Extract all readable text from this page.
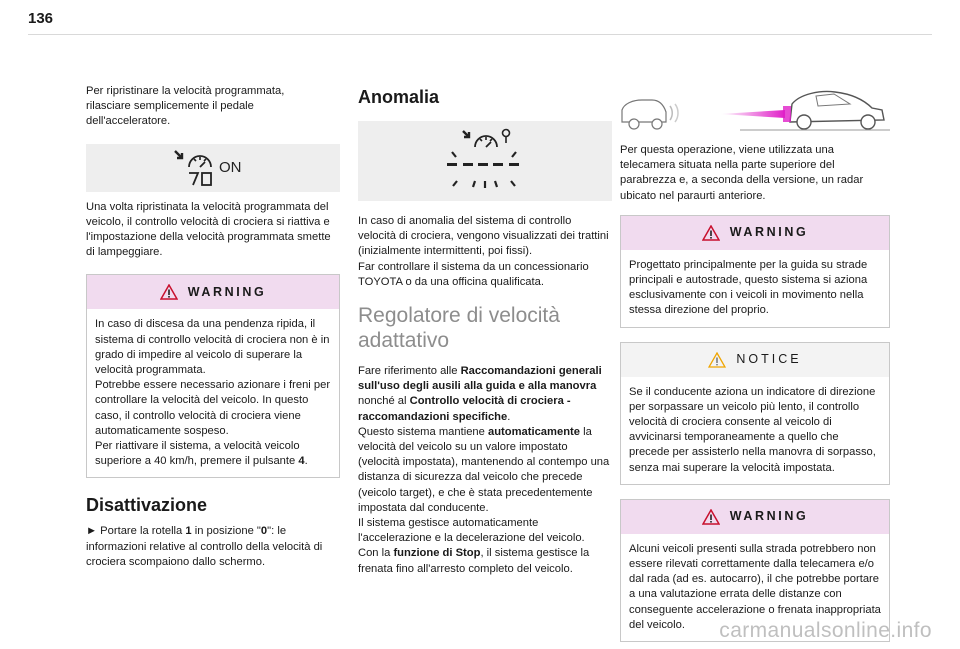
136

Per ripristinare la velocità programmata, rilasciare semplicemente il pedale dell'acceleratore.

ON

Una volta ripristinata la velocità programmata del veicolo, il controllo velocità di crociera si riattiva e l'impostazione della velocità programmata smette di lampeggiare.

WARNING

In caso di discesa da una pendenza ripida, il sistema di controllo velocità di crociera non è in grado di impedire al veicolo di superare la velocità programmata.

Potrebbe essere necessario azionare i freni per controllare la velocità del veicolo. In questo caso, il controllo velocità di crociera viene automaticamente sospeso.

Per riattivare il sistema, a velocità veicolo superiore a 40 km/h, premere il pulsante 4.

Disattivazione

► Portare la rotella 1 in posizione "0": le informazioni relative al controllo della velocità di crociera scompaiono dallo schermo.

Anomalia

In caso di anomalia del sistema di controllo velocità di crociera, vengono visualizzati dei trattini (inizialmente intermittenti, poi fissi).

Far controllare il sistema da un concessionario TOYOTA o da una officina qualificata.

Regolatore di velocità
adattativo

Fare riferimento alle Raccomandazioni generali sull'uso degli ausili alla guida e alla manovra nonché al Controllo velocità di crociera - raccomandazioni specifiche.

Questo sistema mantiene automaticamente la velocità del veicolo su un valore impostato (velocità impostata), mantenendo al contempo una distanza di sicurezza dal veicolo che precede (veicolo target), e che è stata precedentemente impostata dal conducente.

Il sistema gestisce automaticamente l'accelerazione e la decelerazione del veicolo.

Con la funzione di Stop, il sistema gestisce la frenata fino all'arresto completo del veicolo.

Per questa operazione, viene utilizzata una telecamera situata nella parte superiore del parabrezza e, a seconda della versione, un radar ubicato nel paraurti anteriore.

WARNING

Progettato principalmente per la guida su strade principali e autostrade, questo sistema si aziona esclusivamente con i veicoli in movimento nella stessa direzione del proprio.

NOTICE

Se il conducente aziona un indicatore di direzione per sorpassare un veicolo più lento, il controllo velocità di crociera consente al veicolo di avvicinarsi temporaneamente a quello che precede per assisterlo nella manovra di sorpasso, senza mai superare la velocità impostata.

WARNING

Alcuni veicoli presenti sulla strada potrebbero non essere rilevati correttamente dalla telecamera e/o dal rada (ad es. autocarro), il che potrebbe portare a una valutazione errata delle distanze con conseguente accelerazione o frenata inappropriata del veicolo.	carmanualsonline.info
